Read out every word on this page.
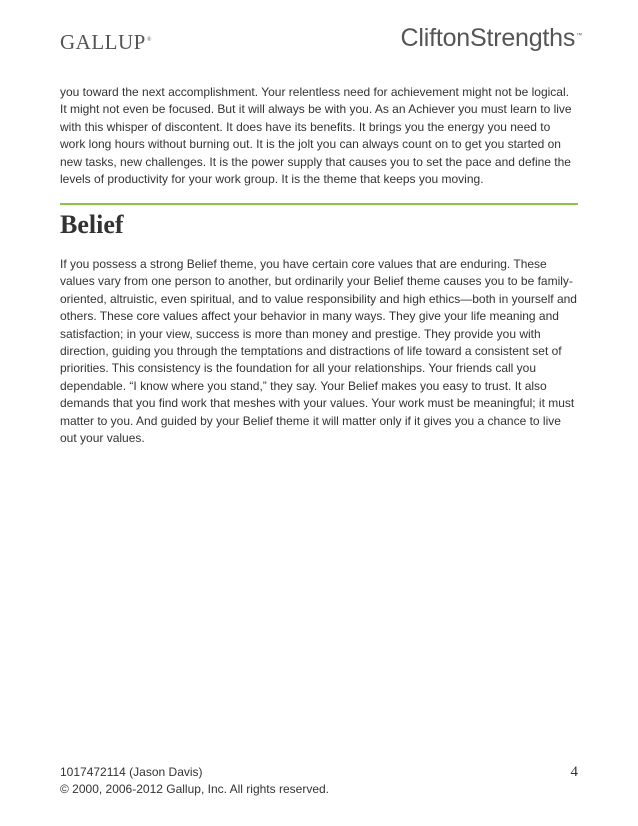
GALLUP®	CliftonStrengths™

you toward the next accomplishment. Your relentless need for achievement might not be logical. It might not even be focused. But it will always be with you. As an Achiever you must learn to live with this whisper of discontent. It does have its benefits. It brings you the energy you need to work long hours without burning out. It is the jolt you can always count on to get you started on new tasks, new challenges. It is the power supply that causes you to set the pace and define the levels of productivity for your work group. It is the theme that keeps you moving.

Belief

If you possess a strong Belief theme, you have certain core values that are enduring. These values vary from one person to another, but ordinarily your Belief theme causes you to be family-oriented, altruistic, even spiritual, and to value responsibility and high ethics—both in yourself and others. These core values affect your behavior in many ways. They give your life meaning and satisfaction; in your view, success is more than money and prestige. They provide you with direction, guiding you through the temptations and distractions of life toward a consistent set of priorities. This consistency is the foundation for all your relationships. Your friends call you dependable. “I know where you stand,” they say. Your Belief makes you easy to trust. It also demands that you find work that meshes with your values. Your work must be meaningful; it must matter to you. And guided by your Belief theme it will matter only if it gives you a chance to live out your values.

1017472114 (Jason Davis)
© 2000, 2006-2012 Gallup, Inc. All rights reserved.
4
